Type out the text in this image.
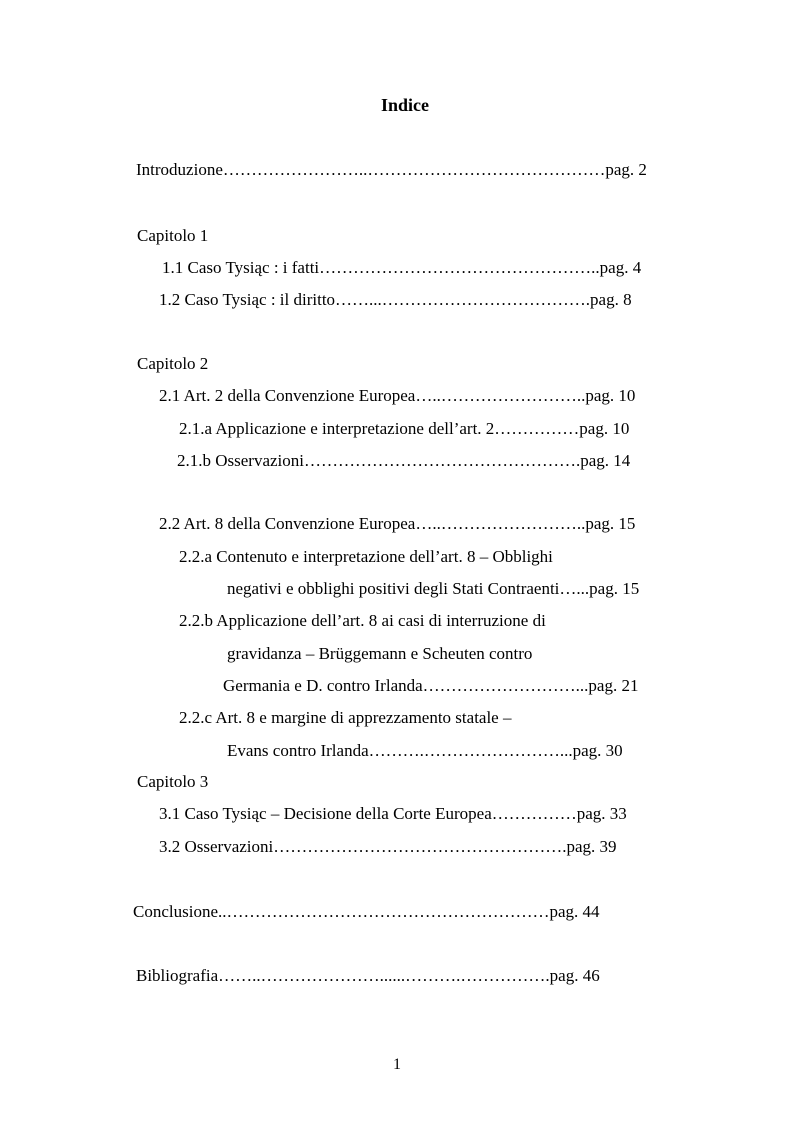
Indice
Introduzione……………………..……………………………………pag. 2
Capitolo 1
1.1 Caso Tysiąc : i fatti…………………………………………..pag. 4
1.2 Caso Tysiąc : il diritto……...……………………………….pag. 8
Capitolo 2
2.1 Art. 2 della Convenzione Europea…..……………………..pag. 10
2.1.a Applicazione e interpretazione dell’art. 2……………pag. 10
2.1.b Osservazioni………………………………………….pag. 14
2.2 Art. 8 della Convenzione Europea…..……………………..pag. 15
2.2.a Contenuto e interpretazione dell’art. 8 – Obblighi
negativi e obblighi positivi degli Stati Contraenti…...pag. 15
2.2.b Applicazione dell’art. 8 ai casi di interruzione di
gravidanza – Brüggemann e Scheuten contro
Germania e D. contro Irlanda………………………...pag. 21
2.2.c Art. 8 e margine di apprezzamento statale –
Evans contro Irlanda……….……………………...pag. 30
Capitolo 3
3.1 Caso Tysiąc – Decisione della Corte Europea……………pag. 33
3.2 Osservazioni…………………………………………….pag. 39
Conclusione..…………………………………………………pag. 44
Bibliografia……..…………………......……….…………….pag. 46
1
